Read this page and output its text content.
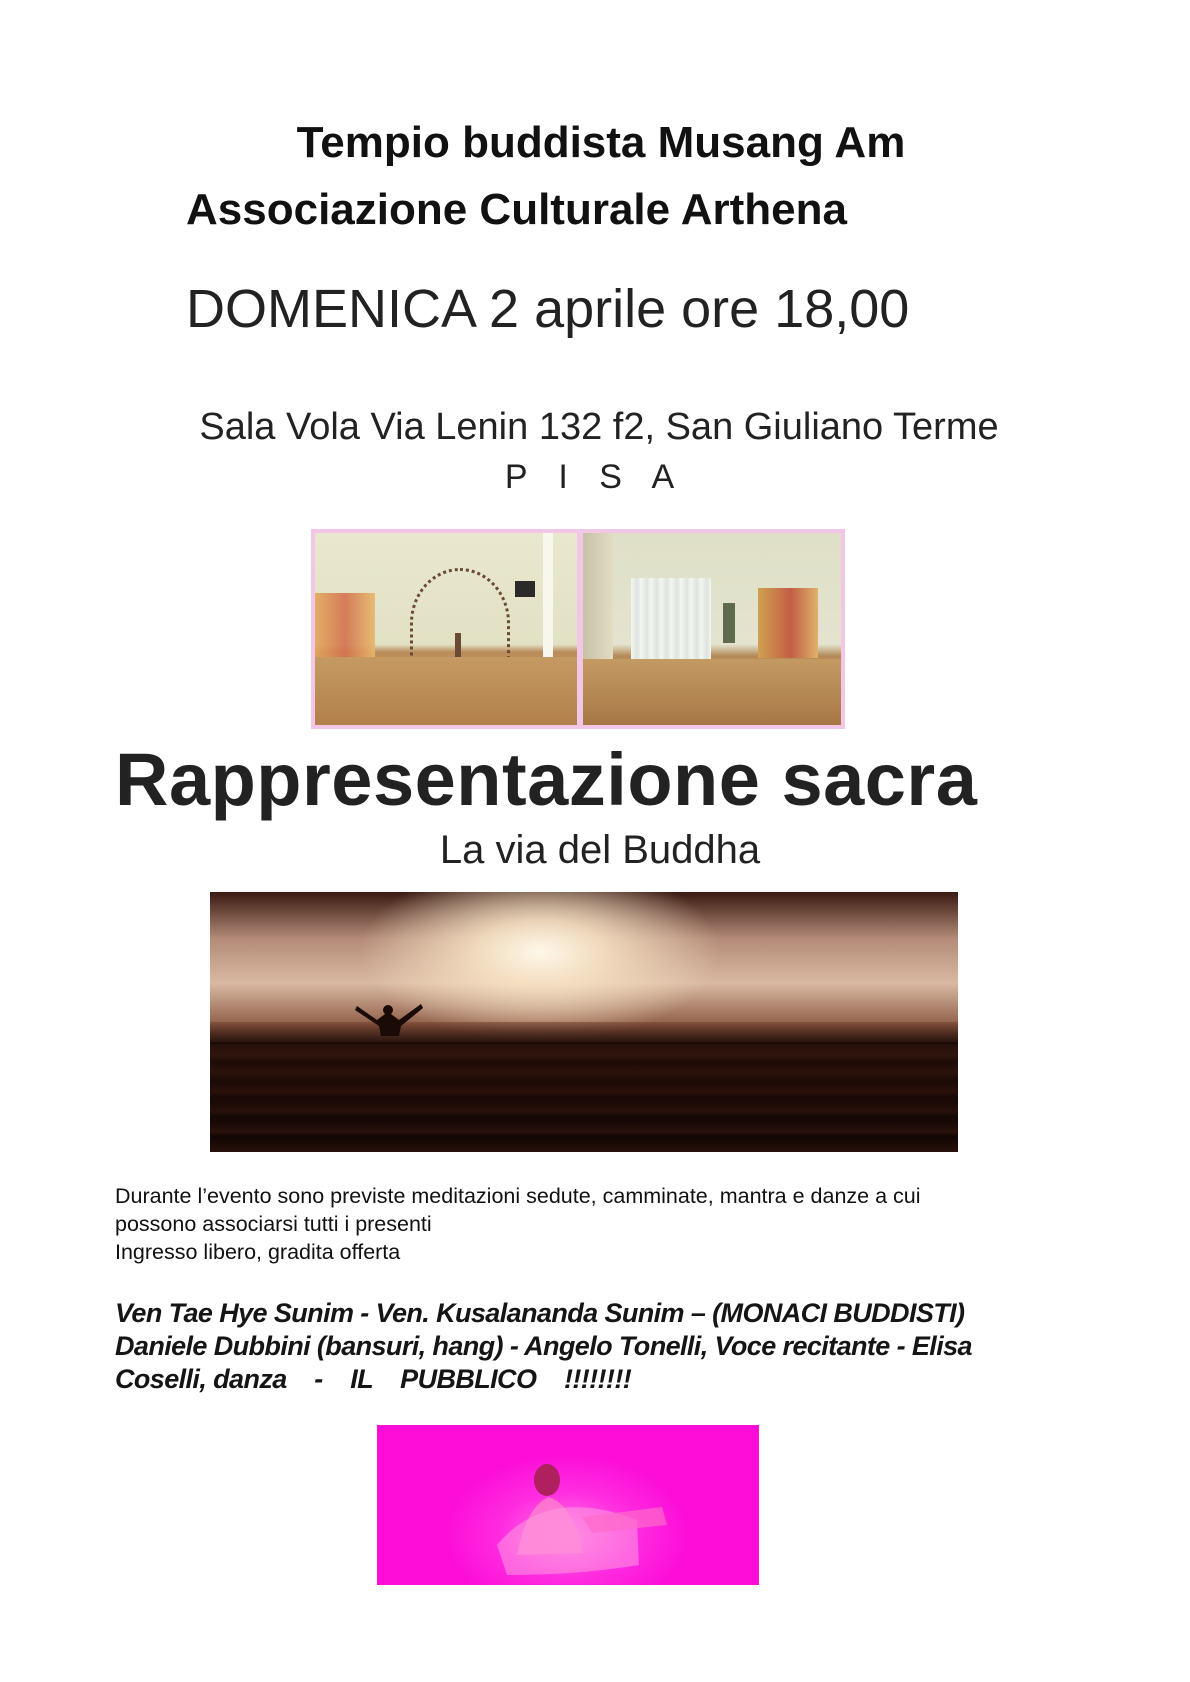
Tempio buddista Musang Am
Associazione Culturale Arthena
DOMENICA 2 aprile ore 18,00
Sala Vola Via Lenin 132 f2, San Giuliano Terme
P I S A
Rappresentazione sacra
La via del Buddha
Durante l’evento sono previste meditazioni sedute, camminate, mantra e danze a cui
possono associarsi tutti i presenti
Ingresso libero, gradita offerta
Ven Tae Hye Sunim - Ven. Kusalananda Sunim – (MONACI BUDDISTI)
Daniele Dubbini (bansuri, hang) - Angelo Tonelli, Voce recitante - Elisa
Coselli, danza    -    IL    PUBBLICO    !!!!!!!!
